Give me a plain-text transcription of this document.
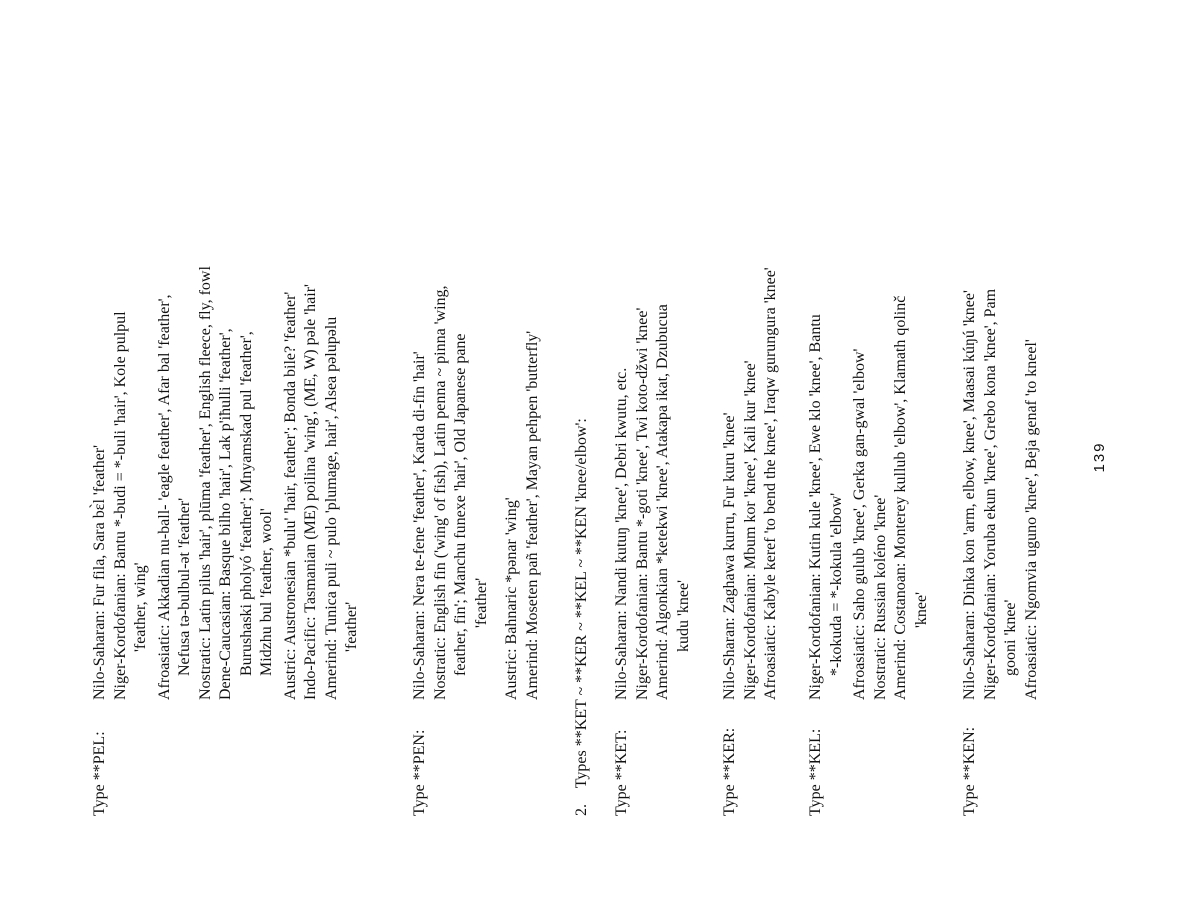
Type **PEL:
Nilo-Saharan: Fur fila, Sara bɛ̀l 'feather' Niger-Kordofanian: Bantu *-budi = *-buli 'hair', Kole pulpul 'feather, wing' Afroasiatic: Akkadian nu-ball- 'eagle feather', Afar bal 'feather', Nefusa tə-bulbul-ət 'feather' Nostratic: Latin pilus 'hair', plūma 'feather', English fleece, fly, fowl Dene-Caucasian: Basque bilho 'hair', Lak p'iħulli 'feather', Burushaski pholyó 'feather'; Mnyamskad pul 'feather', Midzhu bul 'feather, wool' Austric: Austronesian *bulu' 'hair, feather'; Bonda bile? 'feather' Indo-Pacific: Tasmanian (ME) poilina 'wing', (ME, W) pəle 'hair' Amerind: Tunica puli ~ pulo 'plumage, hair', Alsea pəlupəlu 'feather'
Type **PEN:
Nilo-Saharan: Nera te-fene 'feather', Karda di-fin 'hair' Nostratic: English fin ('wing' of fish), Latin penna ~ pinna 'wing, feather, fin'; Manchu funexe 'hair', Old Japanese pane 'feather' Austric: Bahnaric *pənar 'wing' Amerind: Moseten pañ 'feather', Mayan pehpen 'butterfly'
2. Types **KET ~ **KER ~ **KEL ~ **KEN 'knee/elbow': Type **KET:
Nilo-Saharan: Nandi kutuŋ 'knee', Debri kwutu, etc. Niger-Kordofanian: Bantu *-goti 'knee', Twi koto-džwi 'knee' Amerind: Algonkian *ketekwi 'knee', Atakapa ikat, Dzubucua kudu 'knee'
Type **KER:
Nilo-Sharan: Zaghawa kurru, Fur kuru 'knee' Niger-Kordofanian: Mbum kor 'knee', Kali kur 'knee' Afroasiatic: Kabyle keref 'to bend the knee', Iraqw gurungura 'knee'
Type **KEL:
Niger-Kordofanian: Kutin kule 'knee', Ewe klo 'knee', Bantu *-kokuda = *-kokula 'elbow' Afroasiatic: Saho gulub 'knee', Gerka gan-gwal 'elbow' Nostratic: Russian koléno 'knee' Amerind: Costanoan: Monterey kullub 'elbow', Klamath qolinč 'knee'
Type **KEN:
Nilo-Saharan: Dinka kon 'arm, elbow, knee', Maasai kúŋú 'knee' Niger-Kordofanian: Yoruba ekun 'knee', Grebo kona 'knee', Pam gooni 'knee' Afroasiatic: Ngomvia uguno 'knee', Beja genaf 'to kneel'	139
